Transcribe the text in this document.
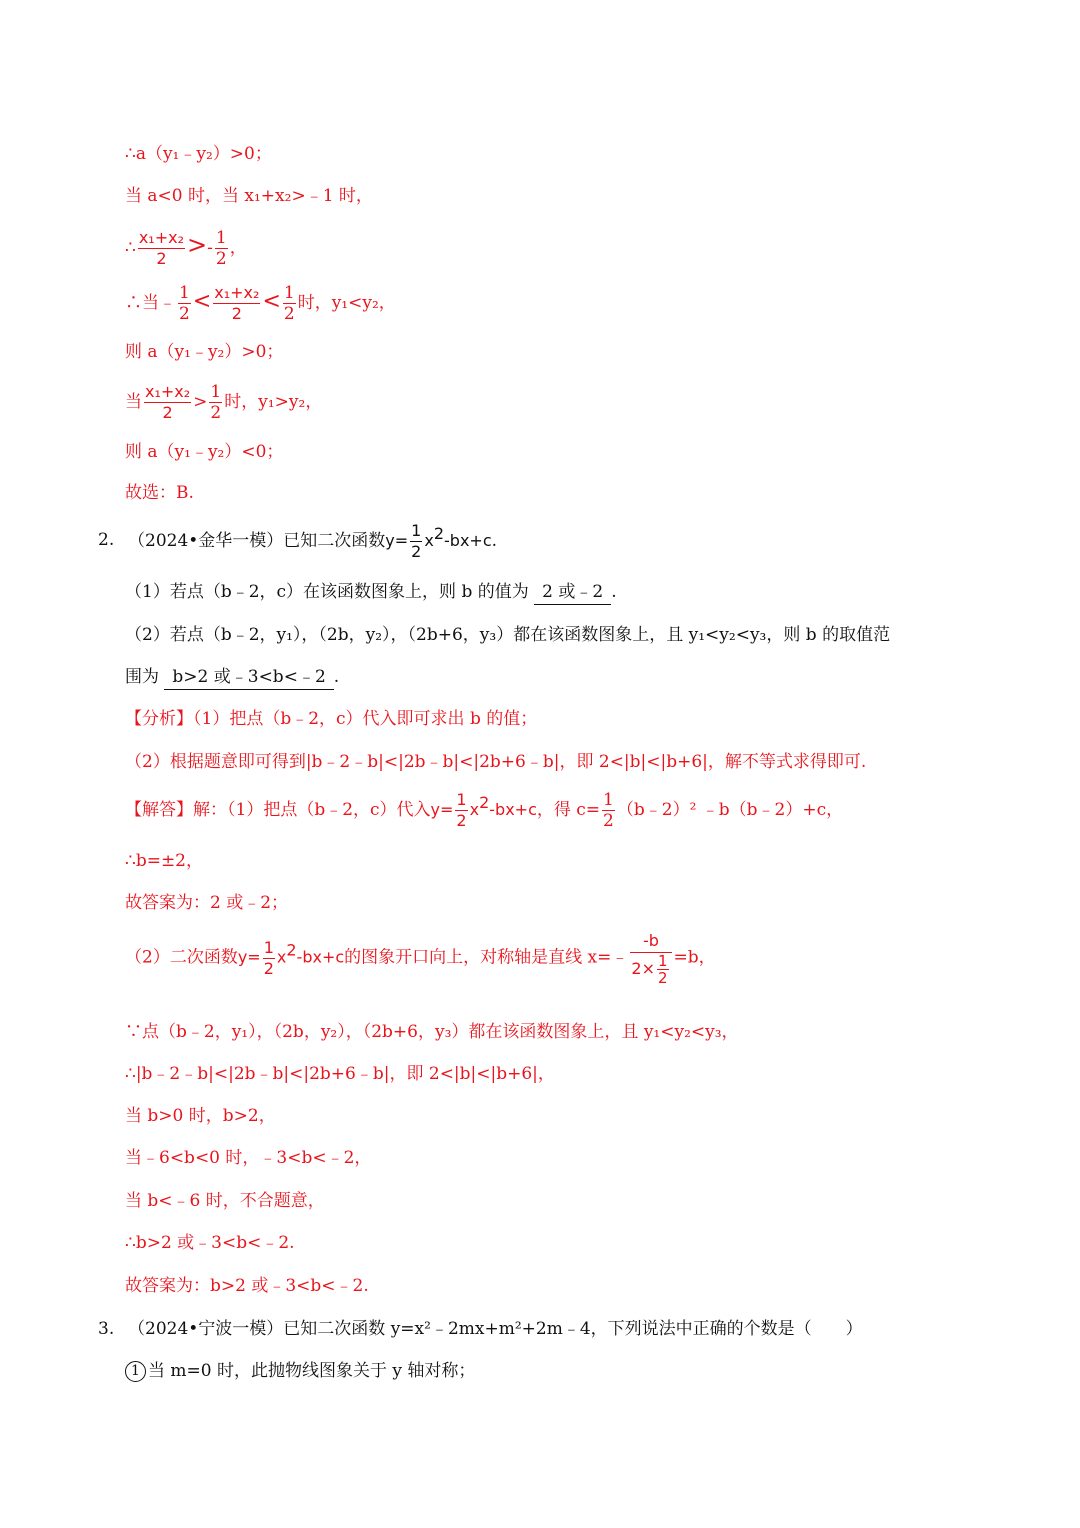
∴a（y₁﹣y₂）>0；
当 a<0 时，当 x₁+x₂>﹣1 时，
∴ $\frac{\text{x₁+x₂}}{2} >- \frac{1}{2}$ ，
∴当﹣ $\frac{1}{2} < \frac{\text{x₁+x₂}}{2} < \frac{1}{2}$ 时，y₁<y₂，
则 a（y₁﹣y₂）>0；
当 $\frac{\text{x₁+x₂}}{2} > \frac{1}{2}$ 时，y₁>y₂，
则 a（y₁﹣y₂）<0；
故选：B.
2. （2024•金华一模）已知二次函数$y= \frac{1}{2} x^2-bx+c$.
（1）若点（b﹣2，c）在该函数图象上，则 b 的值为 2 或﹣2 .
（2）若点（b﹣2，y₁），（2b，y₂），（2b+6，y₃）都在该函数图象上，且 y₁<y₂<y₃，则 b 的取值范
围为 b>2 或﹣3<b<﹣2 .
【分析】（1）把点（b﹣2，c）代入即可求出 b 的值；
（2）根据题意即可得到|b﹣2﹣b|<|2b﹣b|<|2b+6﹣b|，即 2<|b|<|b+6|，解不等式求得即可.
【解答】解：（1）把点（b﹣2，c）代入$y= \frac{1}{2} x^2-bx+c$，得 $c= \frac{1}{2}$ （b﹣2）² ﹣b（b﹣2）+c，
∴b=±2，
故答案为：2 或﹣2；
（2）二次函数$y= \frac{1}{2} x^2-bx+c$的图象开口向上，对称轴是直线 x=﹣ $\frac{-b}{2\times \frac{1}{2}} =b$，
∵点（b﹣2，y₁），（2b，y₂），（2b+6，y₃）都在该函数图象上，且 y₁<y₂<y₃，
∴|b﹣2﹣b|<|2b﹣b|<|2b+6﹣b|，即 2<|b|<|b+6|，
当 b>0 时，b>2，
当﹣6<b<0 时，﹣3<b<﹣2，
当 b<﹣6 时，不合题意，
∴b>2 或﹣3<b<﹣2.
故答案为：b>2 或﹣3<b<﹣2.
3. （2024•宁波一模）已知二次函数 y=x²﹣2mx+m²+2m﹣4，下列说法中正确的个数是（　　）
1 当 m=0 时，此抛物线图象关于 y 轴对称；
